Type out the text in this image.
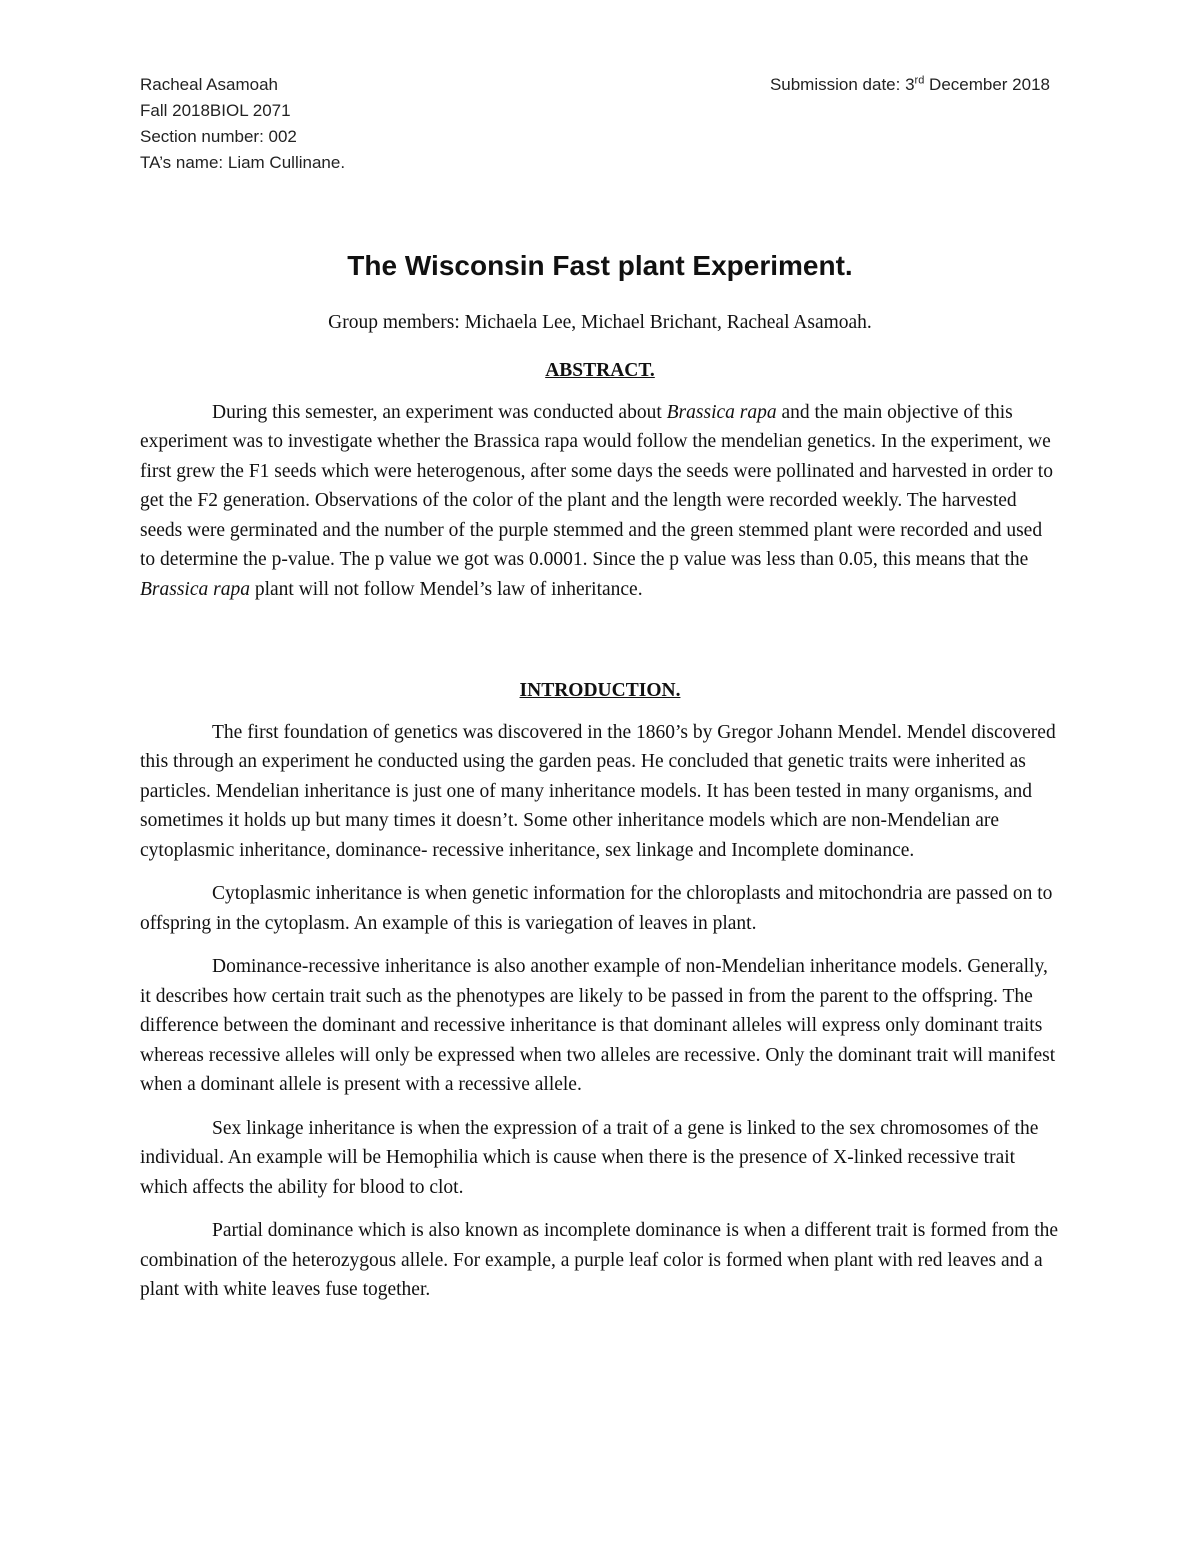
Racheal Asamoah
Fall 2018BIOL 2071
Section number: 002
TA’s name: Liam Cullinane.
Submission date: 3rd December 2018
The Wisconsin Fast plant Experiment.
Group members: Michaela Lee, Michael Brichant, Racheal Asamoah.
ABSTRACT.

During this semester, an experiment was conducted about Brassica rapa and the main objective of this experiment was to investigate whether the Brassica rapa would follow the mendelian genetics. In the experiment, we first grew the F1 seeds which were heterogenous, after some days the seeds were pollinated and harvested in order to get the F2 generation. Observations of the color of the plant and the length were recorded weekly. The harvested seeds were germinated and the number of the purple stemmed and the green stemmed plant were recorded and used to determine the p-value. The p value we got was 0.0001. Since the p value was less than 0.05, this means that the Brassica rapa plant will not follow Mendel’s law of inheritance.

INTRODUCTION.

The first foundation of genetics was discovered in the 1860’s by Gregor Johann Mendel. Mendel discovered this through an experiment he conducted using the garden peas. He concluded that genetic traits were inherited as particles. Mendelian inheritance is just one of many inheritance models. It has been tested in many organisms, and sometimes it holds up but many times it doesn’t. Some other inheritance models which are non-Mendelian are cytoplasmic inheritance, dominance- recessive inheritance, sex linkage and Incomplete dominance.

Cytoplasmic inheritance is when genetic information for the chloroplasts and mitochondria are passed on to offspring in the cytoplasm. An example of this is variegation of leaves in plant.

Dominance-recessive inheritance is also another example of non-Mendelian inheritance models. Generally, it describes how certain trait such as the phenotypes are likely to be passed in from the parent to the offspring. The difference between the dominant and recessive inheritance is that dominant alleles will express only dominant traits whereas recessive alleles will only be expressed when two alleles are recessive. Only the dominant trait will manifest when a dominant allele is present with a recessive allele.

Sex linkage inheritance is when the expression of a trait of a gene is linked to the sex chromosomes of the individual. An example will be Hemophilia which is cause when there is the presence of X-linked recessive trait which affects the ability for blood to clot.

Partial dominance which is also known as incomplete dominance is when a different trait is formed from the combination of the heterozygous allele. For example, a purple leaf color is formed when plant with red leaves and a plant with white leaves fuse together.
